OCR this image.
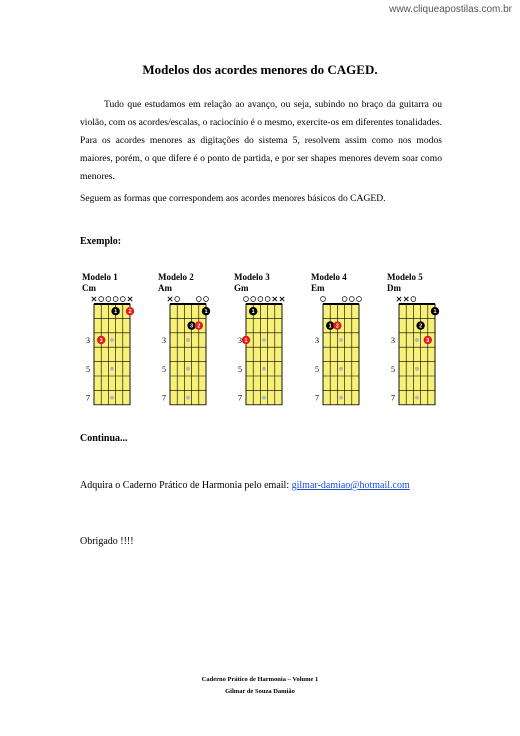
www.cliqueapostilas.com.br
Modelos dos acordes menores do CAGED.
Tudo que estudamos em relação ao avanço, ou seja, subindo no braço da guitarra ou violão, com os acordes/escalas, o raciocínio é o mesmo, exercite-os em diferentes tonalidades. Para os acordes menores as digitações do sistema 5, resolvem assim como nos modos maiores, porém, o que difere é o ponto de partida, e por ser shapes menores devem soar como menores.
Seguem as formas que correspondem aos acordes menores básicos do CAGED.
Exemplo:
Modelo 1
Cm
3
5
7
1 2
3
Modelo 2
Am
3
5
7
1
3 2
Modelo 3
Gm
3
5
7
1
1
Modelo 4
Em
3
5
7
1 2
Modelo 5
Dm
3
5
7
1
2
3
Continua...
Adquira o Caderno Prático de Harmonia pelo email: gilmar-damiao@hotmail.com
Obrigado !!!!
Caderno Prático de Harmonia – Volume 1
Gilmar de Souza Damião
